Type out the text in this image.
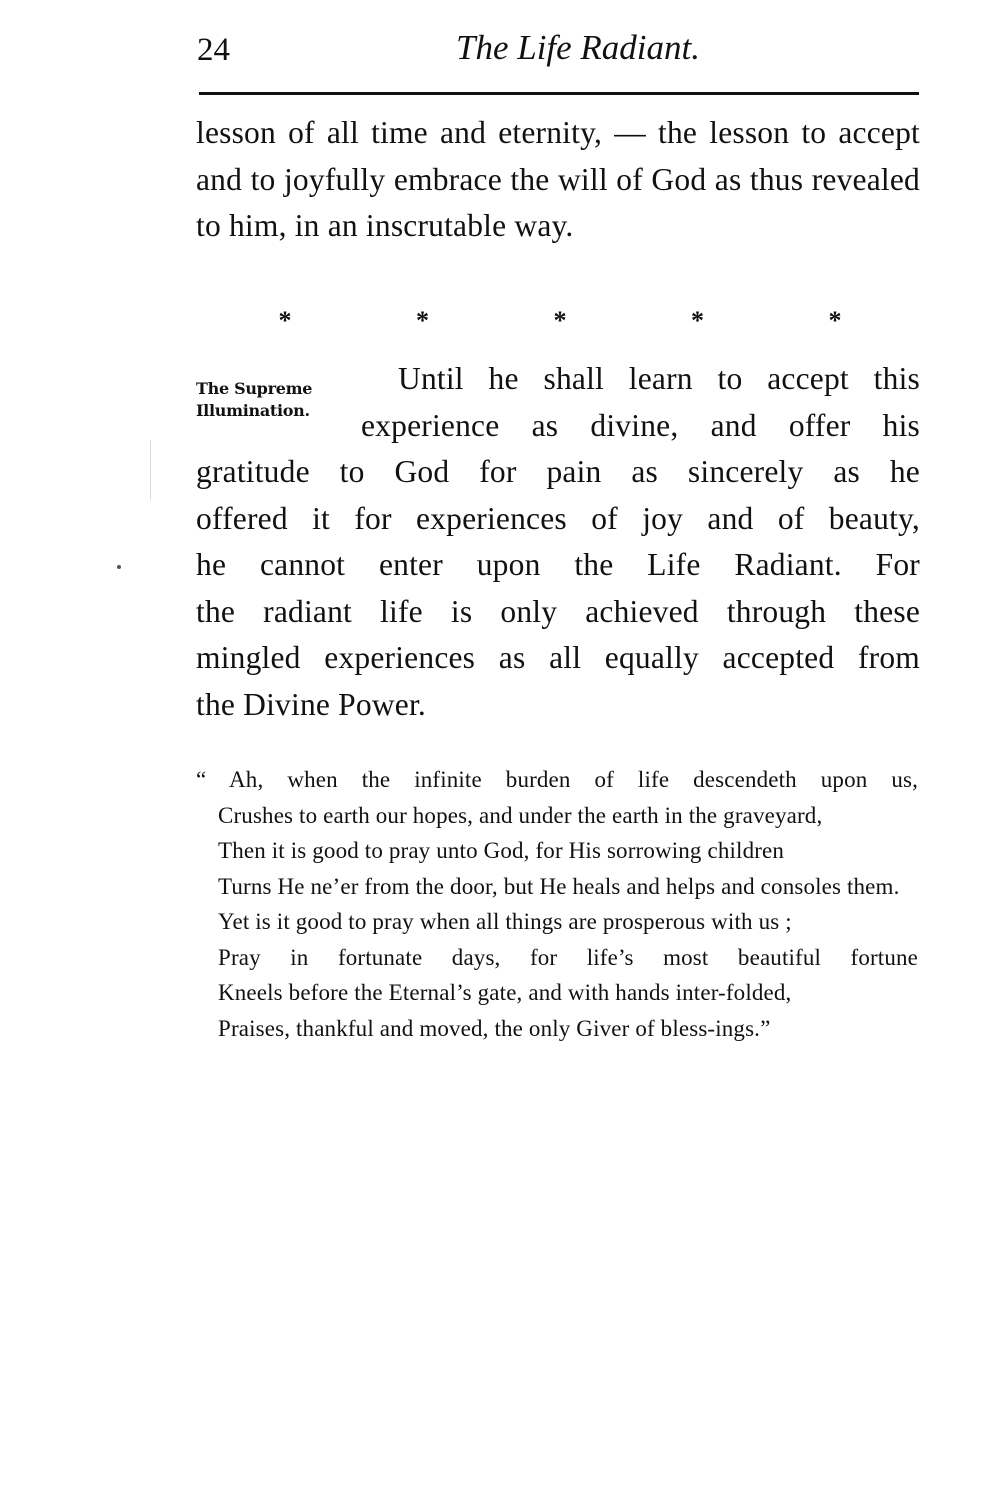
24	The Life Radiant.

lesson of all time and eternity, — the lesson to accept and to joyfully embrace the will of God as thus revealed to him, in an inscrutable way.

*	*	*	*	*
The Supreme
Illumination.
Until he shall learn to accept this
experience as divine, and offer his
gratitude to God for pain as sincerely as he
offered it for experiences of joy and of beauty,
he cannot enter upon the Life Radiant. For
the radiant life is only achieved through these
mingled experiences as all equally accepted from
the Divine Power.

“ Ah, when the infinite burden of life descendeth upon us,

Crushes to earth our hopes, and under the earth in the graveyard,

Then it is good to pray unto God, for His sorrowing children

Turns He ne’er from the door, but He heals and helps and consoles them.

Yet is it good to pray when all things are prosperous with us ;

Pray in fortunate days, for life’s most beautiful fortune

Kneels before the Eternal’s gate, and with hands inter-folded,

Praises, thankful and moved, the only Giver of bless-ings.”
